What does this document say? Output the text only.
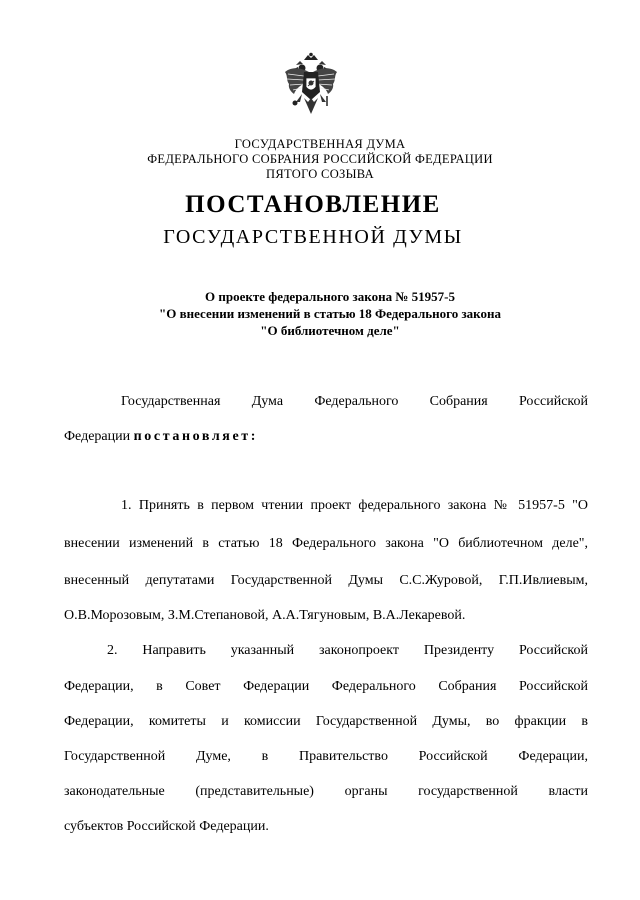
ГОСУДАРСТВЕННАЯ ДУМА
ФЕДЕРАЛЬНОГО СОБРАНИЯ РОССИЙСКОЙ ФЕДЕРАЦИИ
ПЯТОГО СОЗЫВА
ПОСТАНОВЛЕНИЕ
ГОСУДАРСТВЕННОЙ ДУМЫ
О проекте федерального закона № 51957-5
"О внесении изменений в статью 18 Федерального закона
"О библиотечном деле"
Государственная Дума Федерального Собрания Российской
Федерации постановляет:
1. Принять в первом чтении проект федерального закона № 51957-5 "О
внесении изменений в статью 18 Федерального закона "О библиотечном деле",
внесенный депутатами Государственной Думы С.С.Журовой, Г.П.Ивлиевым,
О.В.Морозовым, З.М.Степановой, А.А.Тягуновым, В.А.Лекаревой.
2. Направить указанный законопроект Президенту Российской
Федерации, в Совет Федерации Федерального Собрания Российской
Федерации, комитеты и комиссии Государственной Думы, во фракции в
Государственной Думе, в Правительство Российской Федерации,
законодательные (представительные) органы государственной власти
субъектов Российской Федерации.
